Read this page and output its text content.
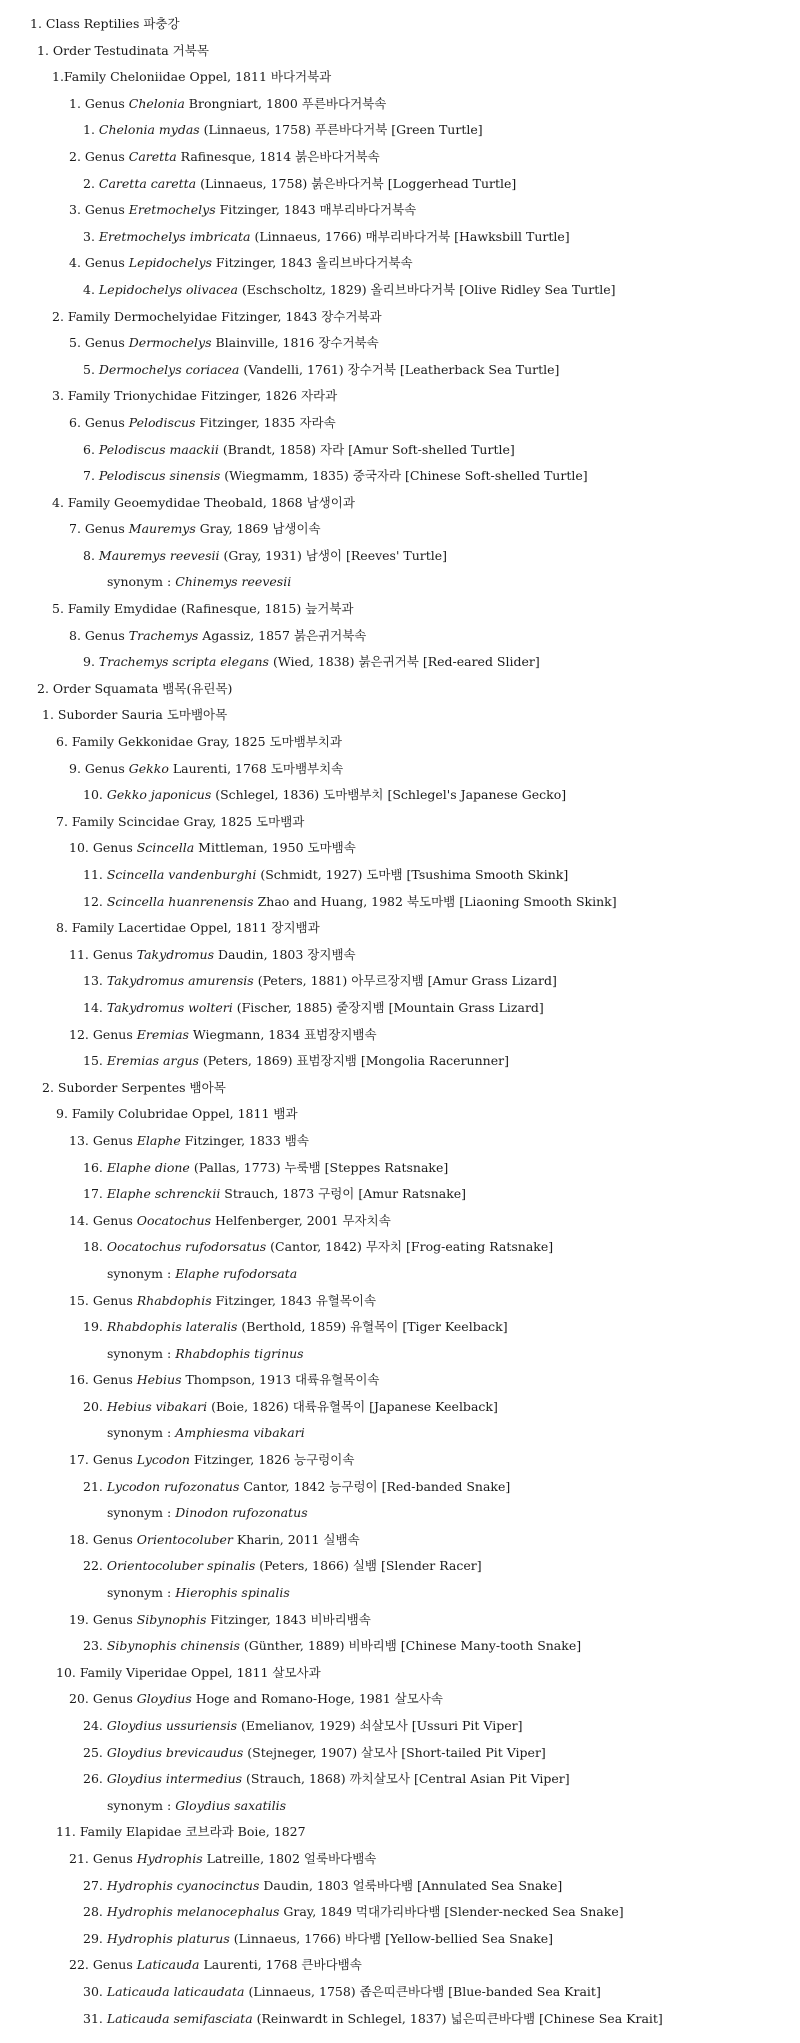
1. Class Reptilies 파충강
1. Order Testudinata 거북목
1.Family Cheloniidae Oppel, 1811 바다거북과
1. Genus Chelonia Brongniart, 1800 푸른바다거북속
1. Chelonia mydas (Linnaeus, 1758) 푸른바다거북 [Green Turtle]
2. Genus Caretta Rafinesque, 1814 붉은바다거북속
2. Caretta caretta (Linnaeus, 1758) 붉은바다거북 [Loggerhead Turtle]
3. Genus Eretmochelys Fitzinger, 1843 매부리바다거북속
3. Eretmochelys imbricata (Linnaeus, 1766) 매부리바다거북 [Hawksbill Turtle]
4. Genus Lepidochelys Fitzinger, 1843 올리브바다거북속
4. Lepidochelys olivacea (Eschscholtz, 1829) 올리브바다거북 [Olive Ridley Sea Turtle]
2. Family Dermochelyidae Fitzinger, 1843 장수거북과
5. Genus Dermochelys Blainville, 1816 장수거북속
5. Dermochelys coriacea (Vandelli, 1761) 장수거북 [Leatherback Sea Turtle]
3. Family Trionychidae Fitzinger, 1826 자라과
6. Genus Pelodiscus Fitzinger, 1835 자라속
6. Pelodiscus maackii (Brandt, 1858) 자라 [Amur Soft-shelled Turtle]
7. Pelodiscus sinensis (Wiegmamm, 1835) 중국자라 [Chinese Soft-shelled Turtle]
4. Family Geoemydidae Theobald, 1868 남생이과
7. Genus Mauremys Gray, 1869 남생이속
8. Mauremys reevesii (Gray, 1931) 남생이 [Reeves' Turtle]
synonym : Chinemys reevesii
5. Family Emydidae (Rafinesque, 1815) 늪거북과
8. Genus Trachemys Agassiz, 1857 붉은귀거북속
9. Trachemys scripta elegans (Wied, 1838) 붉은귀거북 [Red-eared Slider]
2. Order Squamata 뱀목(유린목)
1. Suborder Sauria 도마뱀아목
6. Family Gekkonidae Gray, 1825 도마뱀부치과
9. Genus Gekko Laurenti, 1768 도마뱀부치속
10. Gekko japonicus (Schlegel, 1836) 도마뱀부치 [Schlegel's Japanese Gecko]
7. Family Scincidae Gray, 1825 도마뱀과
10. Genus Scincella Mittleman, 1950 도마뱀속
11. Scincella vandenburghi (Schmidt, 1927) 도마뱀 [Tsushima Smooth Skink]
12. Scincella huanrenensis Zhao and Huang, 1982 북도마뱀 [Liaoning Smooth Skink]
8. Family Lacertidae Oppel, 1811 장지뱀과
11. Genus Takydromus Daudin, 1803 장지뱀속
13. Takydromus amurensis (Peters, 1881) 아무르장지뱀 [Amur Grass Lizard]
14. Takydromus wolteri (Fischer, 1885) 줄장지뱀 [Mountain Grass Lizard]
12. Genus Eremias Wiegmann, 1834 표범장지뱀속
15. Eremias argus (Peters, 1869) 표범장지뱀 [Mongolia Racerunner]
2. Suborder Serpentes 뱀아목
9. Family Colubridae Oppel, 1811 뱀과
13. Genus Elaphe Fitzinger, 1833 뱀속
16. Elaphe dione (Pallas, 1773) 누룩뱀 [Steppes Ratsnake]
17. Elaphe schrenckii Strauch, 1873 구렁이 [Amur Ratsnake]
14. Genus Oocatochus Helfenberger, 2001 무자치속
18. Oocatochus rufodorsatus (Cantor, 1842) 무자치 [Frog-eating Ratsnake]
synonym : Elaphe rufodorsata
15. Genus Rhabdophis Fitzinger, 1843 유혈목이속
19. Rhabdophis lateralis (Berthold, 1859) 유혈목이 [Tiger Keelback]
synonym : Rhabdophis tigrinus
16. Genus Hebius Thompson, 1913 대륙유혈목이속
20. Hebius vibakari (Boie, 1826) 대륙유혈목이 [Japanese Keelback]
synonym : Amphiesma vibakari
17. Genus Lycodon Fitzinger, 1826 능구렁이속
21. Lycodon rufozonatus Cantor, 1842 능구렁이 [Red-banded Snake]
synonym : Dinodon rufozonatus
18. Genus Orientocoluber Kharin, 2011 실뱀속
22. Orientocoluber spinalis (Peters, 1866) 실뱀 [Slender Racer]
synonym : Hierophis spinalis
19. Genus Sibynophis Fitzinger, 1843 비바리뱀속
23. Sibynophis chinensis (Günther, 1889) 비바리뱀 [Chinese Many-tooth Snake]
10. Family Viperidae Oppel, 1811 살모사과
20. Genus Gloydius Hoge and Romano-Hoge, 1981 살모사속
24. Gloydius ussuriensis (Emelianov, 1929) 쇠살모사 [Ussuri Pit Viper]
25. Gloydius brevicaudus (Stejneger, 1907) 살모사 [Short-tailed Pit Viper]
26. Gloydius intermedius (Strauch, 1868) 까치살모사 [Central Asian Pit Viper]
synonym : Gloydius saxatilis
11. Family Elapidae 코브라과 Boie, 1827
21. Genus Hydrophis Latreille, 1802 얼룩바다뱀속
27. Hydrophis cyanocinctus Daudin, 1803 얼룩바다뱀 [Annulated Sea Snake]
28. Hydrophis melanocephalus Gray, 1849 먹대가리바다뱀 [Slender-necked Sea Snake]
29. Hydrophis platurus (Linnaeus, 1766) 바다뱀 [Yellow-bellied Sea Snake]
22. Genus Laticauda Laurenti, 1768 큰바다뱀속
30. Laticauda laticaudata (Linnaeus, 1758) 좁은띠큰바다뱀 [Blue-banded Sea Krait]
31. Laticauda semifasciata (Reinwardt in Schlegel, 1837) 넓은띠큰바다뱀 [Chinese Sea Krait]
